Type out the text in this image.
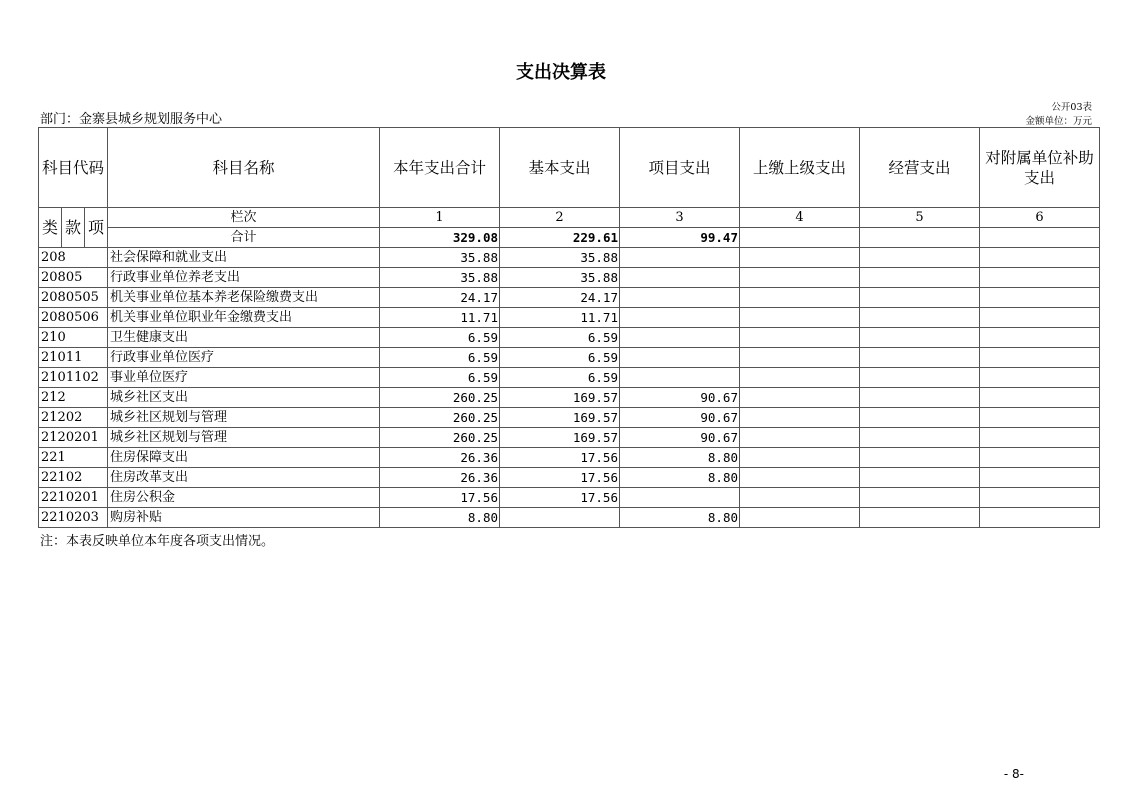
支出决算表
部门：金寨县城乡规划服务中心
公开03表
金额单位：万元
科目代码			科目名称	本年支出合计	基本支出	项目支出	上缴上级支出	经营支出	对附属单位补助支出
类	款	项	栏次	1	2	3	4	5	6
			合计	329.08	229.61	99.47			
208			社会保障和就业支出	35.88	35.88				
20805			行政事业单位养老支出	35.88	35.88				
2080505			机关事业单位基本养老保险缴费支出	24.17	24.17				
2080506			机关事业单位职业年金缴费支出	11.71	11.71				
210			卫生健康支出	6.59	6.59				
21011			行政事业单位医疗	6.59	6.59				
2101102			事业单位医疗	6.59	6.59				
212			城乡社区支出	260.25	169.57	90.67			
21202			城乡社区规划与管理	260.25	169.57	90.67			
2120201			城乡社区规划与管理	260.25	169.57	90.67			
221			住房保障支出	26.36	17.56	8.80			
22102			住房改革支出	26.36	17.56	8.80			
2210201			住房公积金	17.56	17.56				
2210203			购房补贴	8.80		8.80			
注：本表反映单位本年度各项支出情况。
- 8-
